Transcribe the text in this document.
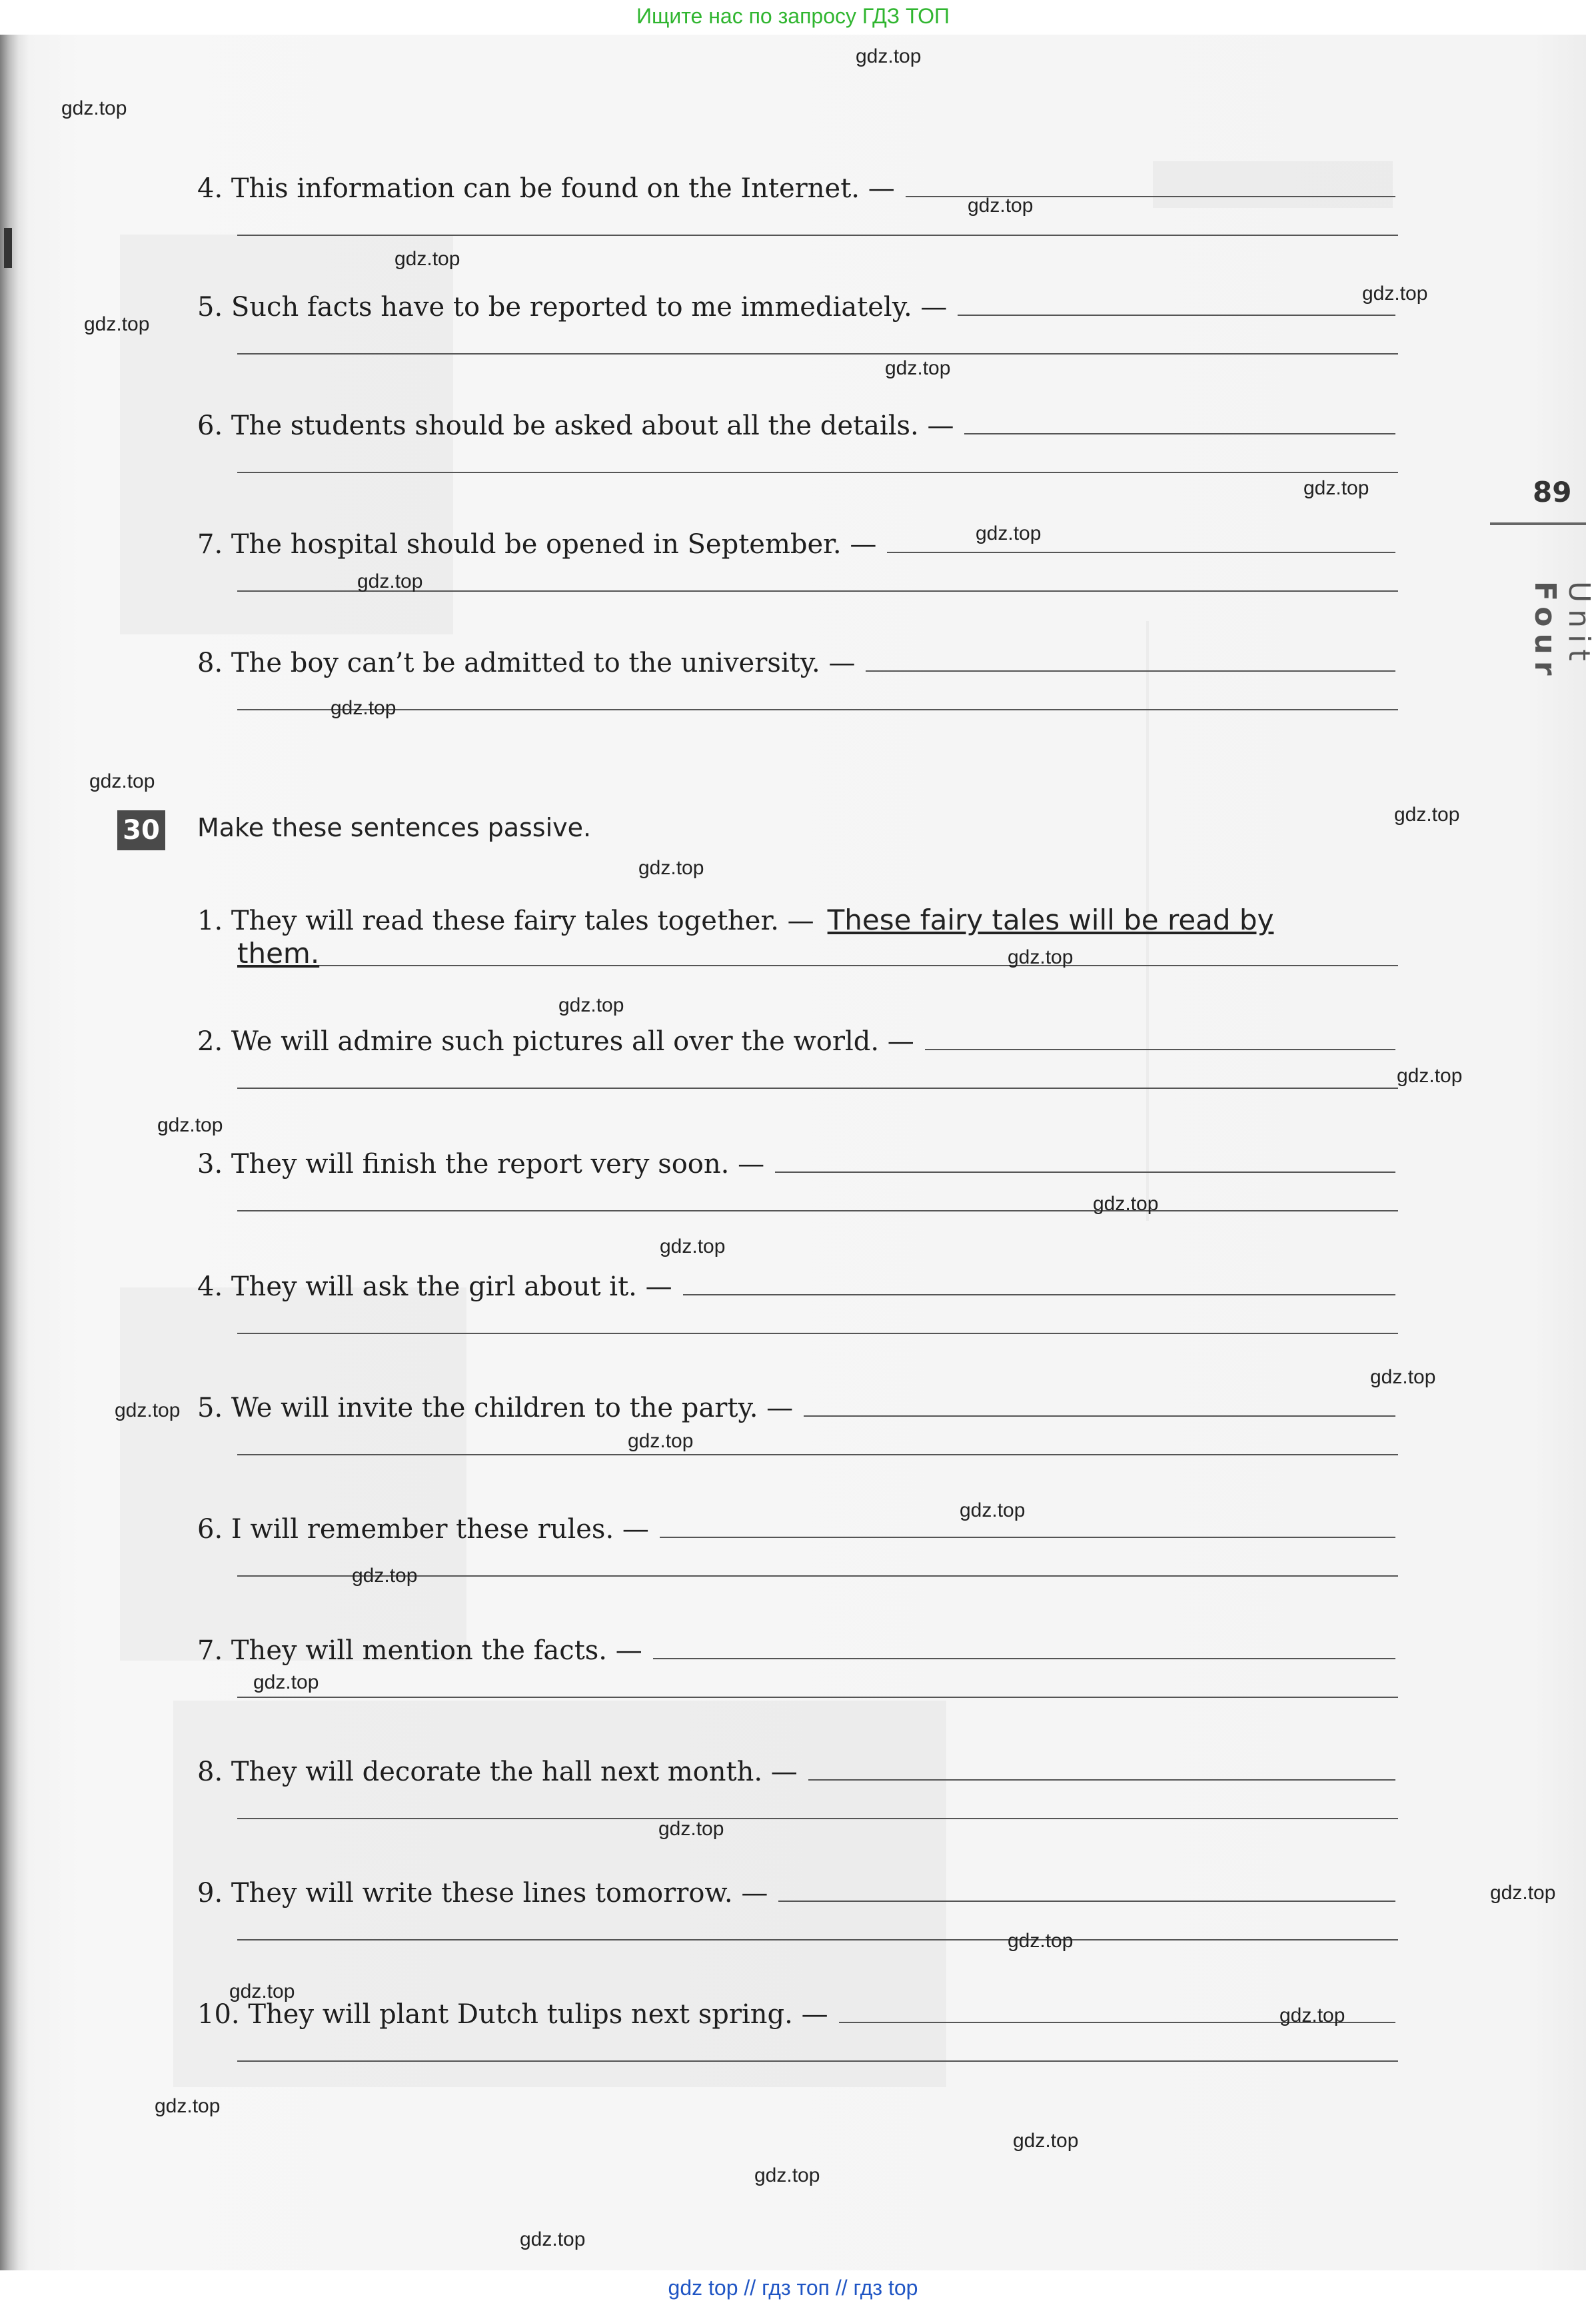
Ищите нас по запросу ГДЗ ТОП
89
Unit Four
4. This information can be found on the Internet. —
5. Such facts have to be reported to me immediately. —
6. The students should be asked about all the details. —
7. The hospital should be opened in September. —
8. The boy can’t be admitted to the university. —
30 Make these sentences passive.
1. They will read these fairy tales together. — These fairy tales will be read by
them.
2. We will admire such pictures all over the world. —
3. They will finish the report very soon. —
4. They will ask the girl about it. —
5. We will invite the children to the party. —
6. I will remember these rules. —
7. They will mention the facts. —
8. They will decorate the hall next month. —
9. They will write these lines tomorrow. —
10. They will plant Dutch tulips next spring. —
gdz.top
gdz.top
gdz.top
gdz.top
gdz.top
gdz.top
gdz.top
gdz.top
gdz.top
gdz.top
gdz.top
gdz.top
gdz.top
gdz.top
gdz.top
gdz.top
gdz.top
gdz.top
gdz.top
gdz.top
gdz.top
gdz.top
gdz.top
gdz.top
gdz.top
gdz.top
gdz.top
gdz.top
gdz.top
gdz.top
gdz.top
gdz.top
gdz.top
gdz.top
gdz.top
gdz top // гдз топ // гдз top
